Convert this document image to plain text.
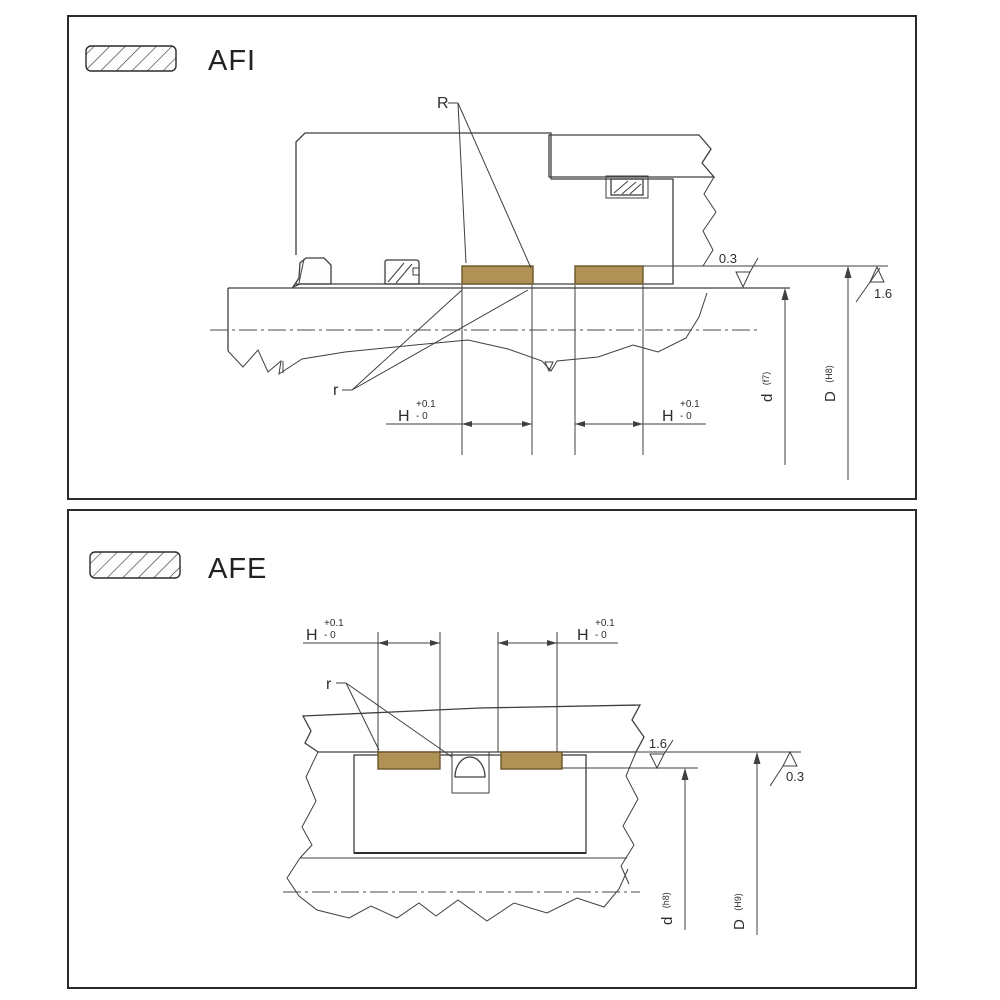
AFI
0.3
1.6
d (f7)
D (H8)
H
+0.1
- 0	H
+0.1
- 0
R
r
AFE
1.6
0.3
H
+0.1
- 0	H
+0.1
- 0
r
d (h8)
D (H9)
